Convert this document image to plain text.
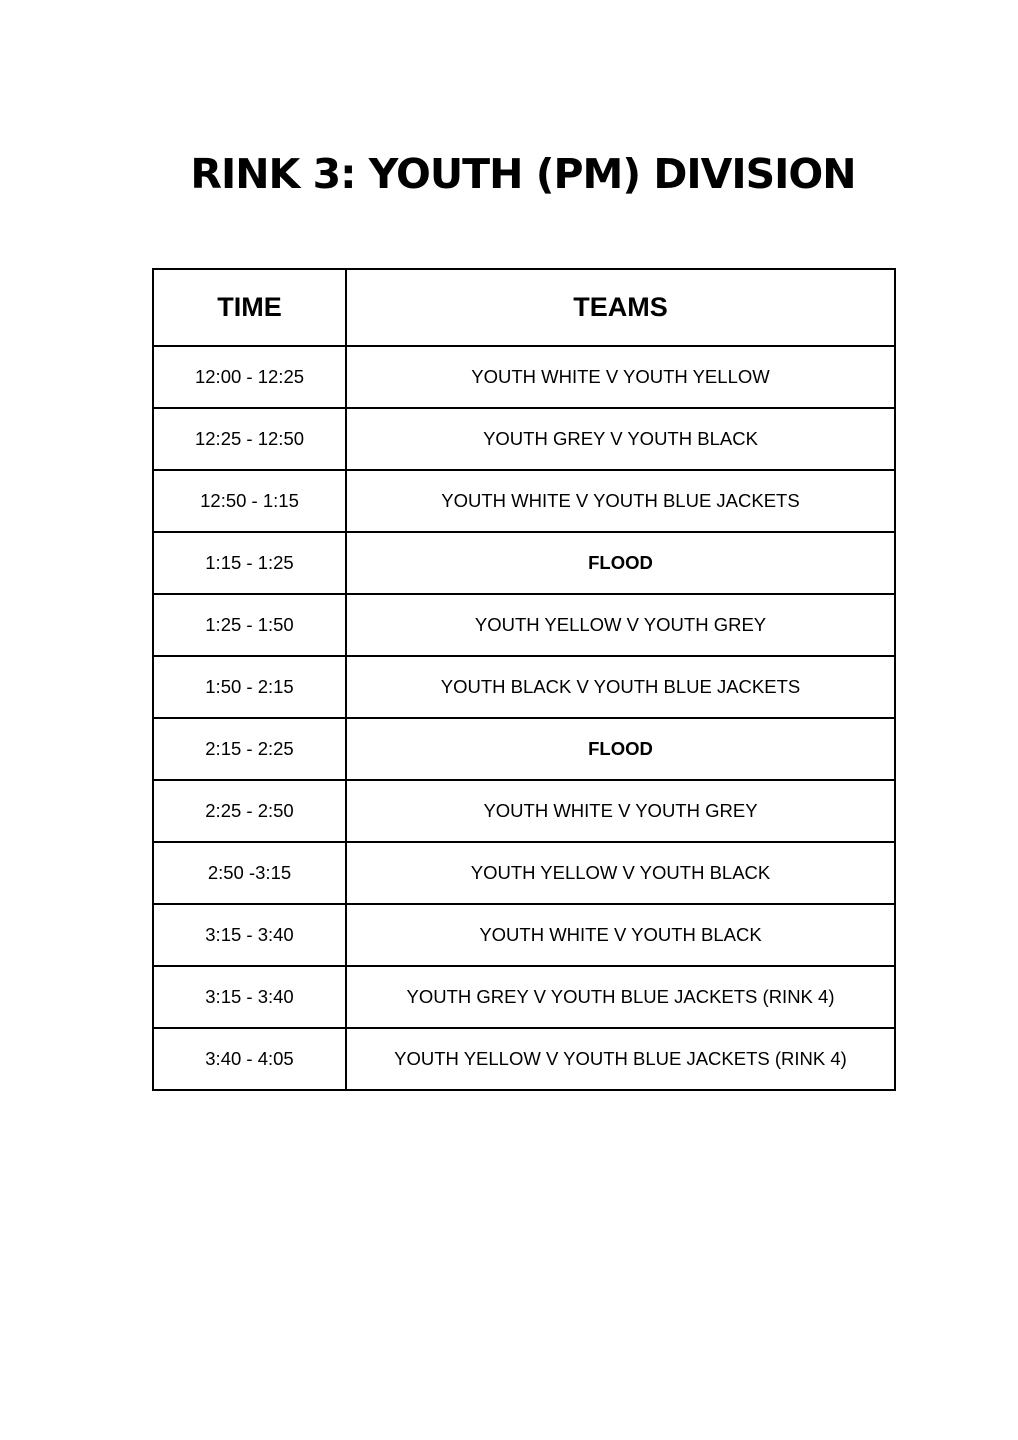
RINK 3: YOUTH (PM) DIVISION
TIME	TEAMS
12:00 - 12:25	YOUTH WHITE V YOUTH YELLOW
12:25 - 12:50	YOUTH GREY V YOUTH BLACK
12:50 - 1:15	YOUTH WHITE V YOUTH BLUE JACKETS
1:15 - 1:25	FLOOD
1:25 - 1:50	YOUTH YELLOW V YOUTH GREY
1:50 - 2:15	YOUTH BLACK V YOUTH BLUE JACKETS
2:15 - 2:25	FLOOD
2:25 - 2:50	YOUTH WHITE V YOUTH GREY
2:50 -3:15	YOUTH YELLOW V YOUTH BLACK
3:15 - 3:40	YOUTH WHITE V YOUTH BLACK
3:15 - 3:40	YOUTH GREY V YOUTH BLUE JACKETS (RINK 4)
3:40 - 4:05	YOUTH YELLOW V YOUTH BLUE JACKETS (RINK 4)
